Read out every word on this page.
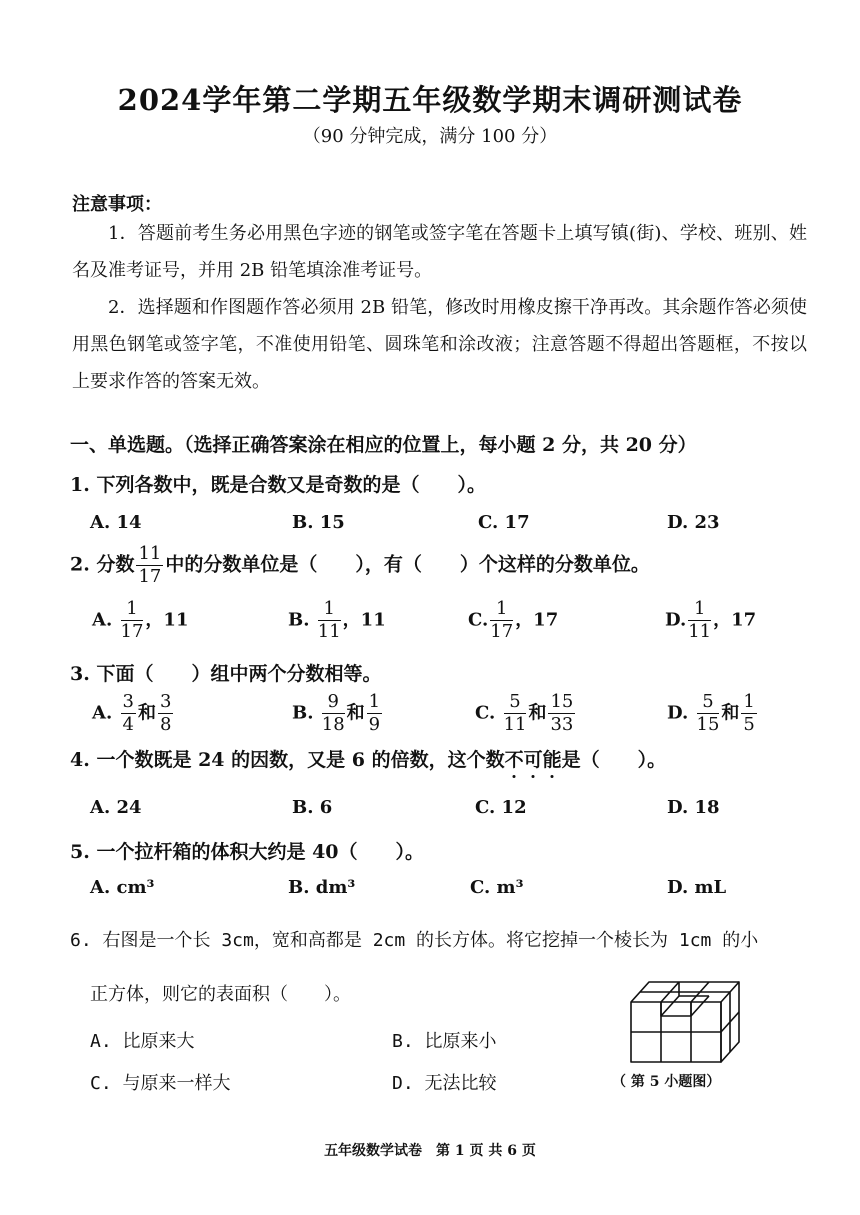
2024学年第二学期五年级数学期末调研测试卷
（90 分钟完成，满分 100 分）
注意事项：
1．答题前考生务必用黑色字迹的钢笔或签字笔在答题卡上填写镇(街)、学校、班别、姓名及准考证号，并用 2B 铅笔填涂准考证号。
2．选择题和作图题作答必须用 2B 铅笔，修改时用橡皮擦干净再改。其余题作答必须使用黑色钢笔或签字笔，不准使用铅笔、圆珠笔和涂改液；注意答题不得超出答题框，不按以上要求作答的答案无效。
一、单选题。（选择正确答案涂在相应的位置上，每小题 2 分，共 20 分）
1. 下列各数中，既是合数又是奇数的是（　　）。
A. 14	B. 15	C. 17	D. 23
2. 分数 $\frac{11}{17}$ 中的分数单位是（　　），有（　　）个这样的分数单位。
A. $\frac{1}{17}$ ，11	B. $\frac{1}{11}$ ，11	C. $\frac{1}{17}$ ，17	D. $\frac{1}{11}$ ，17
3. 下面（　　）组中两个分数相等。
A. $\frac{3}{4}$ 和 $\frac{3}{8}$	B. $\frac{9}{18}$ 和 $\frac{1}{9}$	C. $\frac{5}{11}$ 和 $\frac{15}{33}$	D. $\frac{5}{15}$ 和 $\frac{1}{5}$
4. 一个数既是 24 的因数，又是 6 的倍数，这个数不可能是（　　）。
A. 24	B. 6	C. 12	D. 18
5. 一个拉杆箱的体积大约是 40（　　）。
A. cm³	B. dm³	C. m³	D. mL
6. 右图是一个长 3cm，宽和高都是 2cm 的长方体。将它挖掉一个棱长为 1cm 的小
正方体，则它的表面积（　　）。
A. 比原来大	B. 比原来小
C. 与原来一样大	D. 无法比较	（ 第 5 小题图）
五年级数学试卷　第 1 页 共 6 页
